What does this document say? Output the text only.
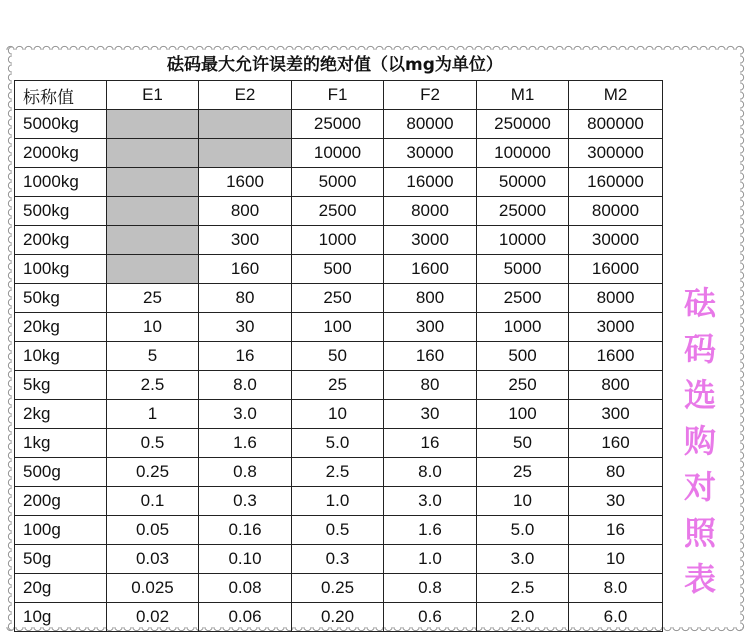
砝码最大允许误差的绝对值（以mg为单位）
标称值	E1	E2	F1	F2	M1	M2
5000kg			25000	80000	250000	800000
2000kg			10000	30000	100000	300000
1000kg		1600	5000	16000	50000	160000
500kg		800	2500	8000	25000	80000
200kg		300	1000	3000	10000	30000
100kg		160	500	1600	5000	16000
50kg	25	80	250	800	2500	8000
20kg	10	30	100	300	1000	3000
10kg	5	16	50	160	500	1600
5kg	2.5	8.0	25	80	250	800
2kg	1	3.0	10	30	100	300
1kg	0.5	1.6	5.0	16	50	160
500g	0.25	0.8	2.5	8.0	25	80
200g	0.1	0.3	1.0	3.0	10	30
100g	0.05	0.16	0.5	1.6	5.0	16
50g	0.03	0.10	0.3	1.0	3.0	10
20g	0.025	0.08	0.25	0.8	2.5	8.0
10g	0.02	0.06	0.20	0.6	2.0	6.0
砝
码
选
购
对
照
表
